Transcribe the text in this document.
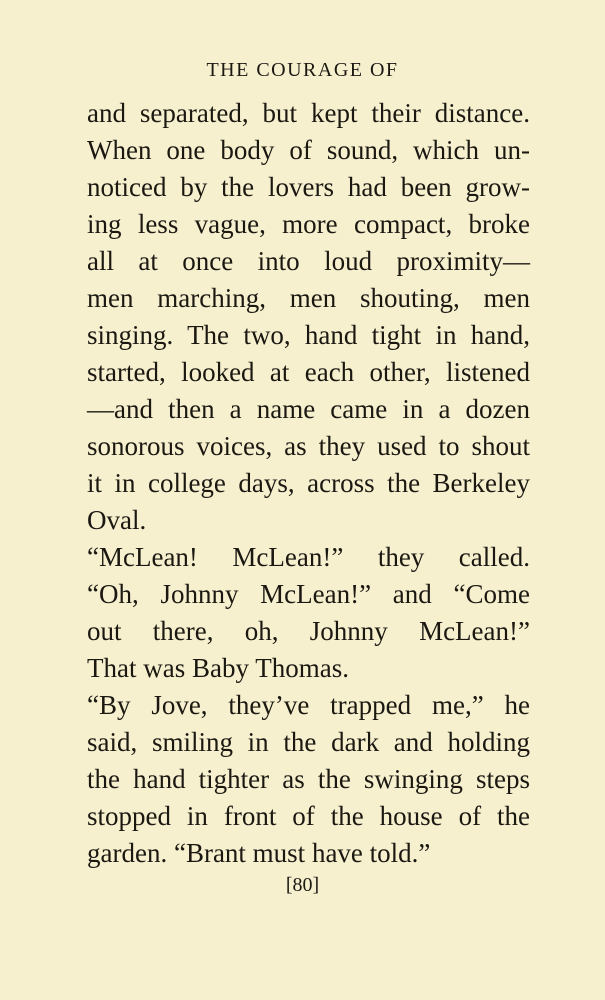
THE COURAGE OF
and separated, but kept their distance.
When one body of sound, which un-
noticed by the lovers had been grow-
ing less vague, more compact, broke
all at once into loud proximity—
men marching, men shouting, men
singing. The two, hand tight in hand,
started, looked at each other, listened
—and then a name came in a dozen
sonorous voices, as they used to shout
it in college days, across the Berkeley
Oval.
“McLean! McLean!” they called.
“Oh, Johnny McLean!” and “Come
out there, oh, Johnny McLean!”
That was Baby Thomas.
“By Jove, they’ve trapped me,” he
said, smiling in the dark and holding
the hand tighter as the swinging steps
stopped in front of the house of the
garden. “Brant must have told.”
[80]
